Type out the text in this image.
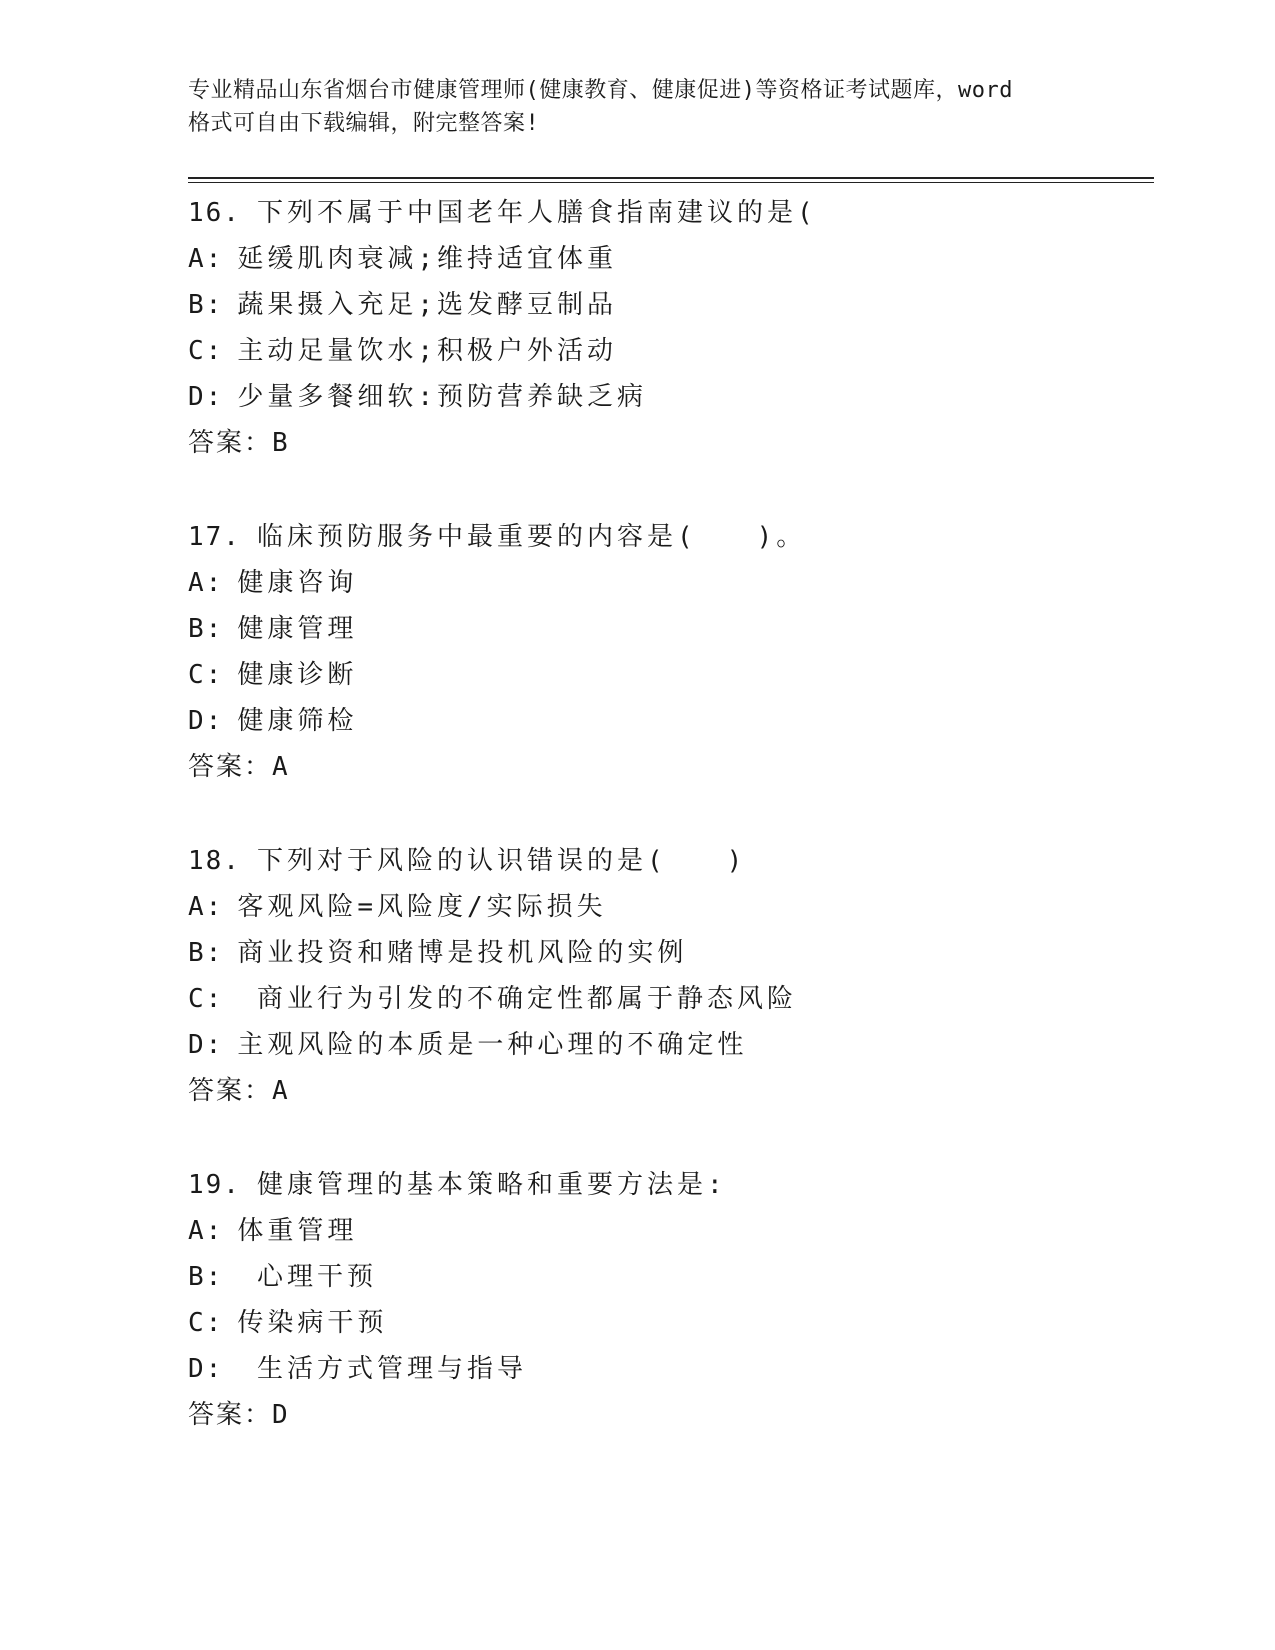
专业精品山东省烟台市健康管理师(健康教育、健康促进)等资格证考试题库，word
格式可自由下载编辑，附完整答案!
16. 下列不属于中国老年人膳食指南建议的是(
A: 延缓肌肉衰减;维持适宜体重
B: 蔬果摄入充足;选发酵豆制品
C: 主动足量饮水;积极户外活动
D: 少量多餐细软:预防营养缺乏病
答案：B
17. 临床预防服务中最重要的内容是(　　)。
A: 健康咨询
B: 健康管理
C: 健康诊断
D: 健康筛检
答案：A
18. 下列对于风险的认识错误的是(　　)
A: 客观风险=风险度/实际损失
B: 商业投资和赌博是投机风险的实例
C: 商业行为引发的不确定性都属于静态风险
D: 主观风险的本质是一种心理的不确定性
答案：A
19. 健康管理的基本策略和重要方法是:
A: 体重管理
B: 心理干预
C: 传染病干预
D: 生活方式管理与指导
答案：D
